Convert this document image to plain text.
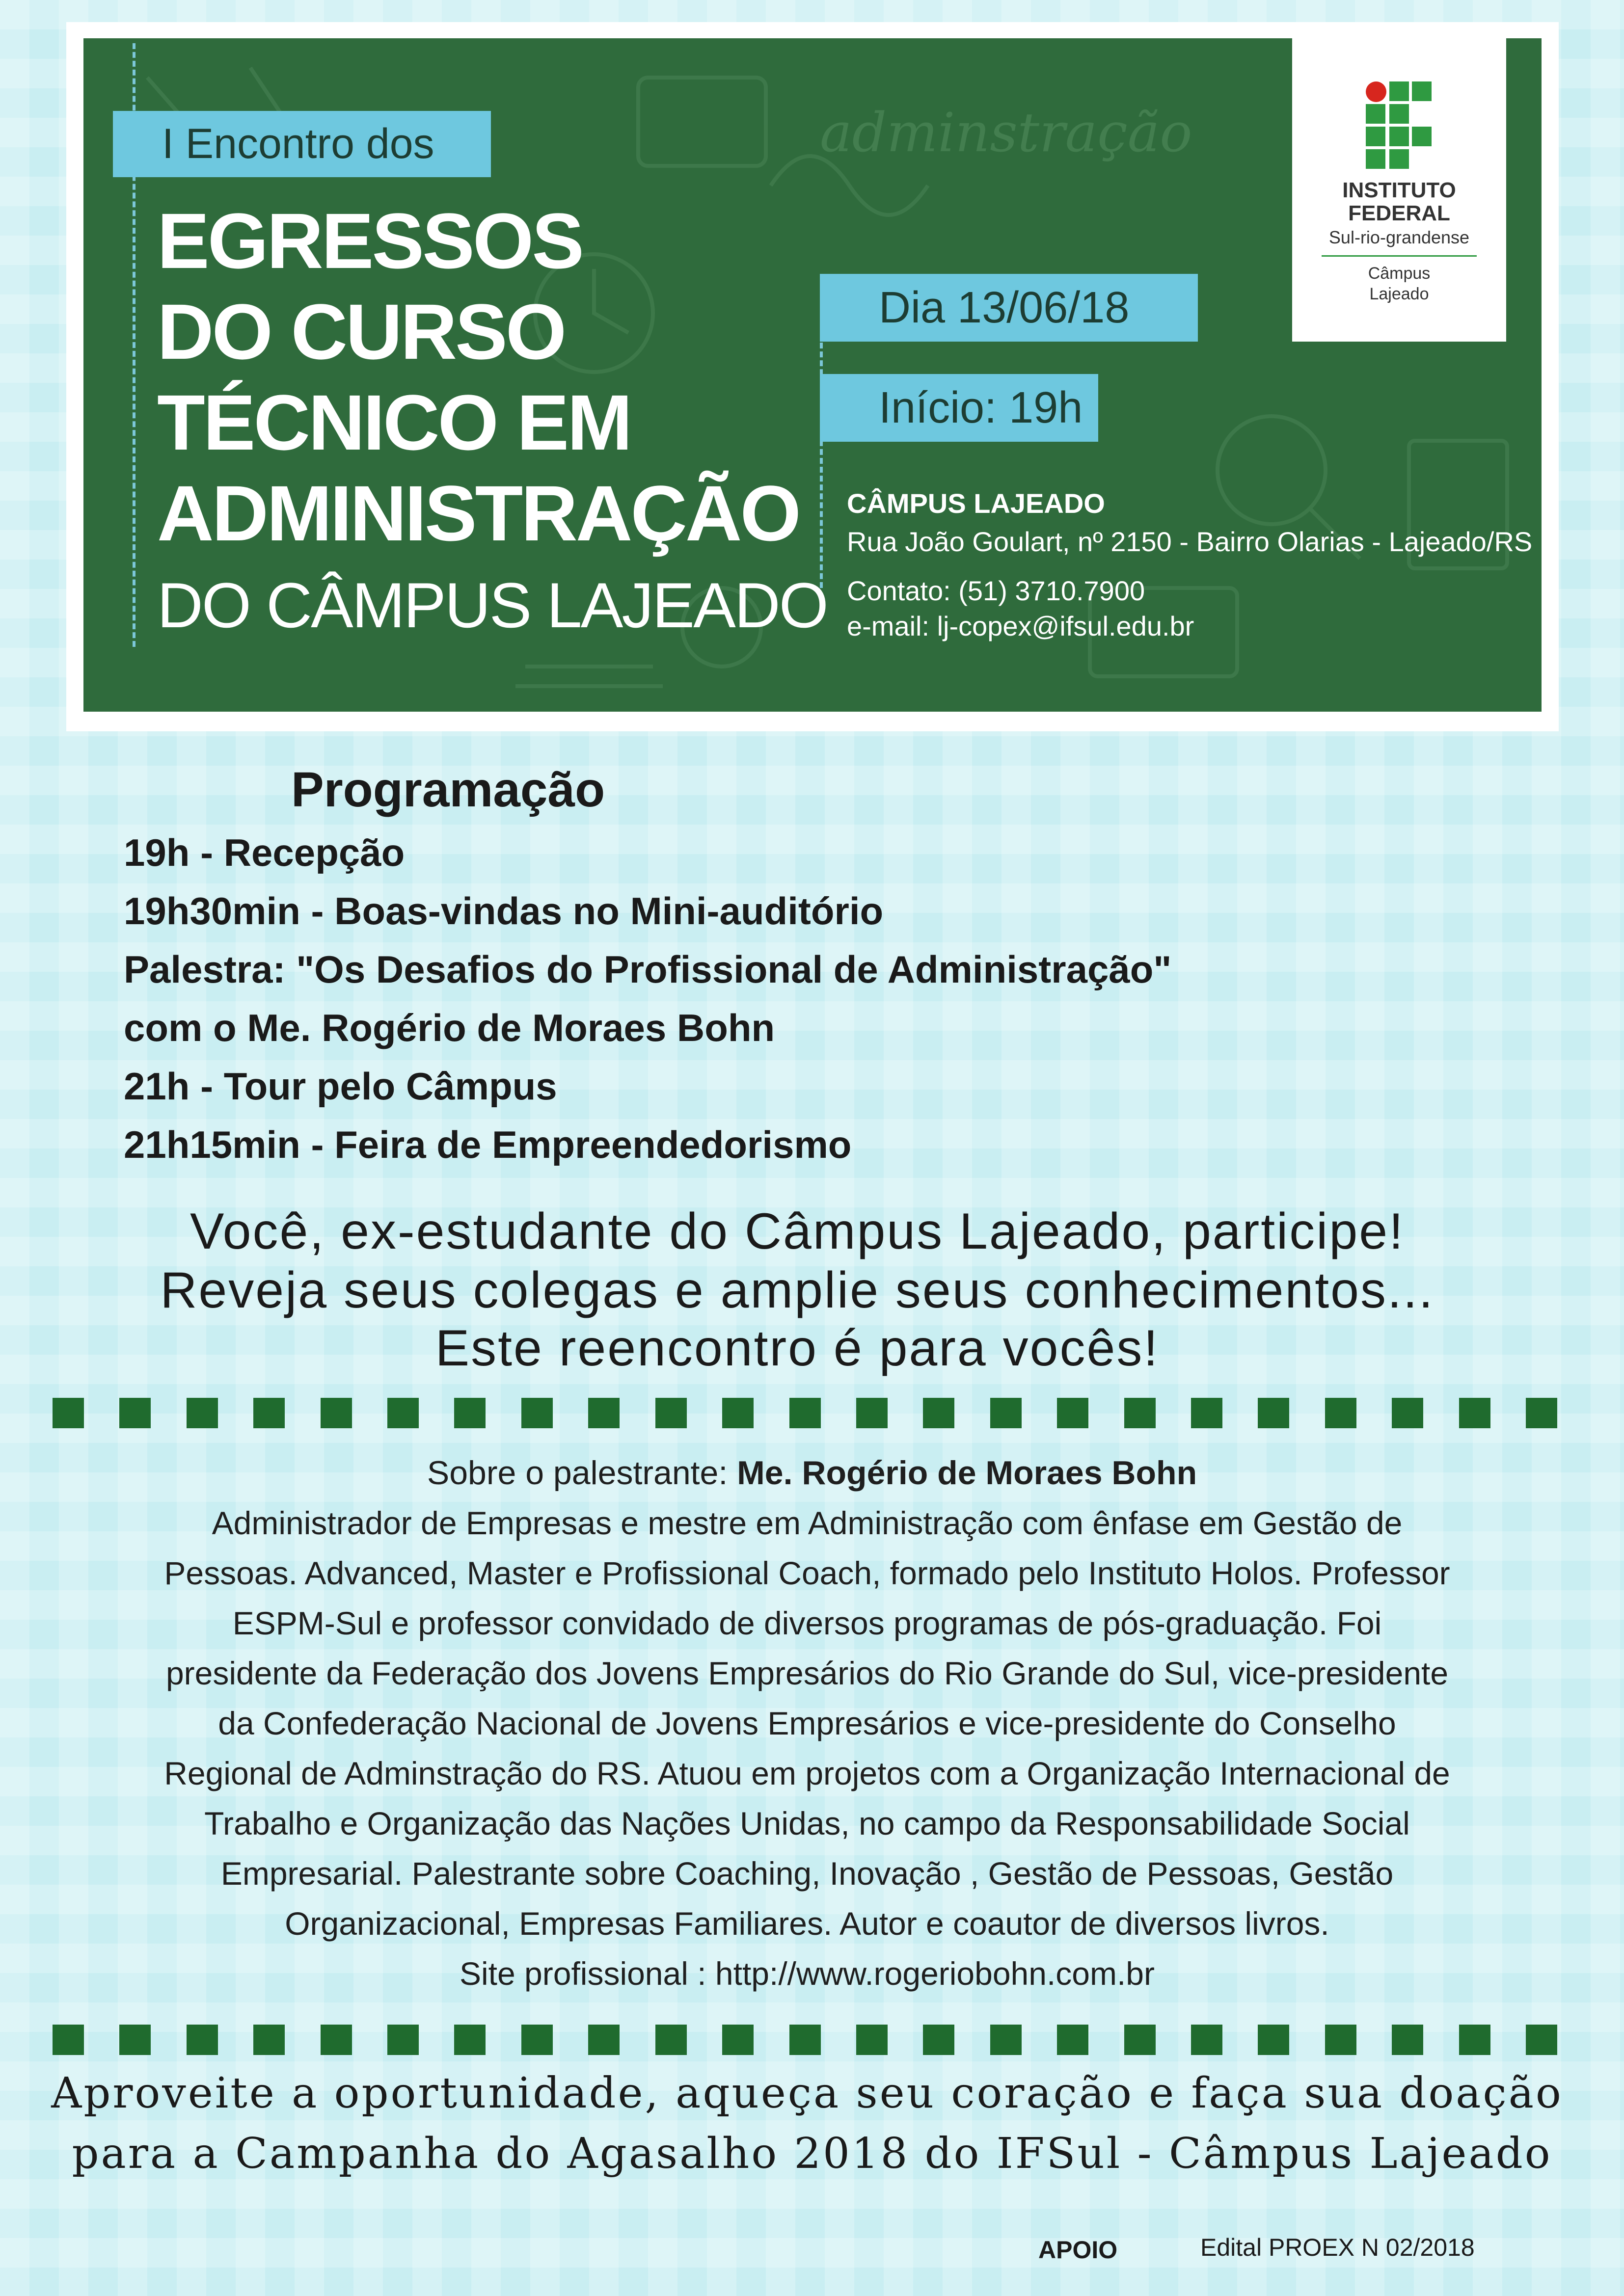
adminstração
I Encontro dos
EGRESSOS
DO CURSO
TÉCNICO EM
ADMINISTRAÇÃO
DO CÂMPUS LAJEADO
Dia 13/06/18
Início: 19h
CÂMPUS LAJEADO
Rua João Goulart, nº 2150 - Bairro Olarias - Lajeado/RS
Contato: (51) 3710.7900
e-mail: lj-copex@ifsul.edu.br
INSTITUTO
FEDERAL
Sul-rio-grandense
Câmpus
Lajeado
Programação
19h - Recepção
19h30min - Boas-vindas no Mini-auditório
Palestra: "Os Desafios do Profissional de Administração"
com o Me. Rogério de Moraes Bohn
21h - Tour pelo Câmpus
21h15min - Feira de Empreendedorismo
Você, ex-estudante do Câmpus Lajeado, participe!
Reveja seus colegas e amplie seus conhecimentos...
Este reencontro é para vocês!
Sobre o palestrante: Me. Rogério de Moraes Bohn
Administrador de Empresas e mestre em Administração com ênfase em Gestão de
Pessoas. Advanced, Master e Profissional Coach, formado pelo Instituto Holos. Professor
ESPM-Sul e professor convidado de diversos programas de pós-graduação. Foi
presidente da Federação dos Jovens Empresários do Rio Grande do Sul, vice-presidente
da Confederação Nacional de Jovens Empresários e vice-presidente do Conselho
Regional de Adminstração do RS. Atuou em projetos com a Organização Internacional de
Trabalho e Organização das Nações Unidas, no campo da Responsabilidade Social
Empresarial. Palestrante sobre Coaching, Inovação , Gestão de Pessoas, Gestão
Organizacional, Empresas Familiares. Autor e coautor de diversos livros.
Site profissional : http://www.rogeriobohn.com.br
Aproveite a oportunidade, aqueça seu coração e faça sua doação
para a Campanha do Agasalho 2018 do IFSul - Câmpus Lajeado
APOIO	Edital PROEX N 02/2018
